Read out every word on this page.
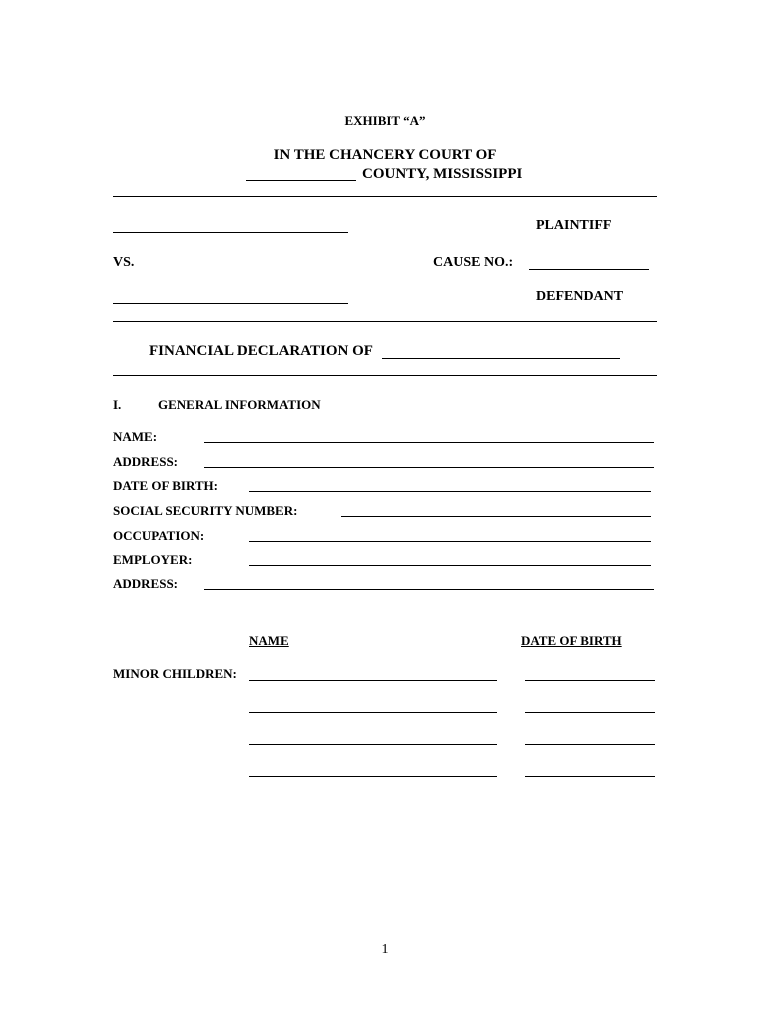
EXHIBIT “A”
IN THE CHANCERY COURT OF
COUNTY, MISSISSIPPI
PLAINTIFF
VS.	CAUSE NO.:
DEFENDANT
FINANCIAL DECLARATION OF
I.	GENERAL INFORMATION
NAME:
ADDRESS:
DATE OF BIRTH:
SOCIAL SECURITY NUMBER:
OCCUPATION:
EMPLOYER:
ADDRESS:
NAME	DATE OF BIRTH
MINOR CHILDREN:
1
